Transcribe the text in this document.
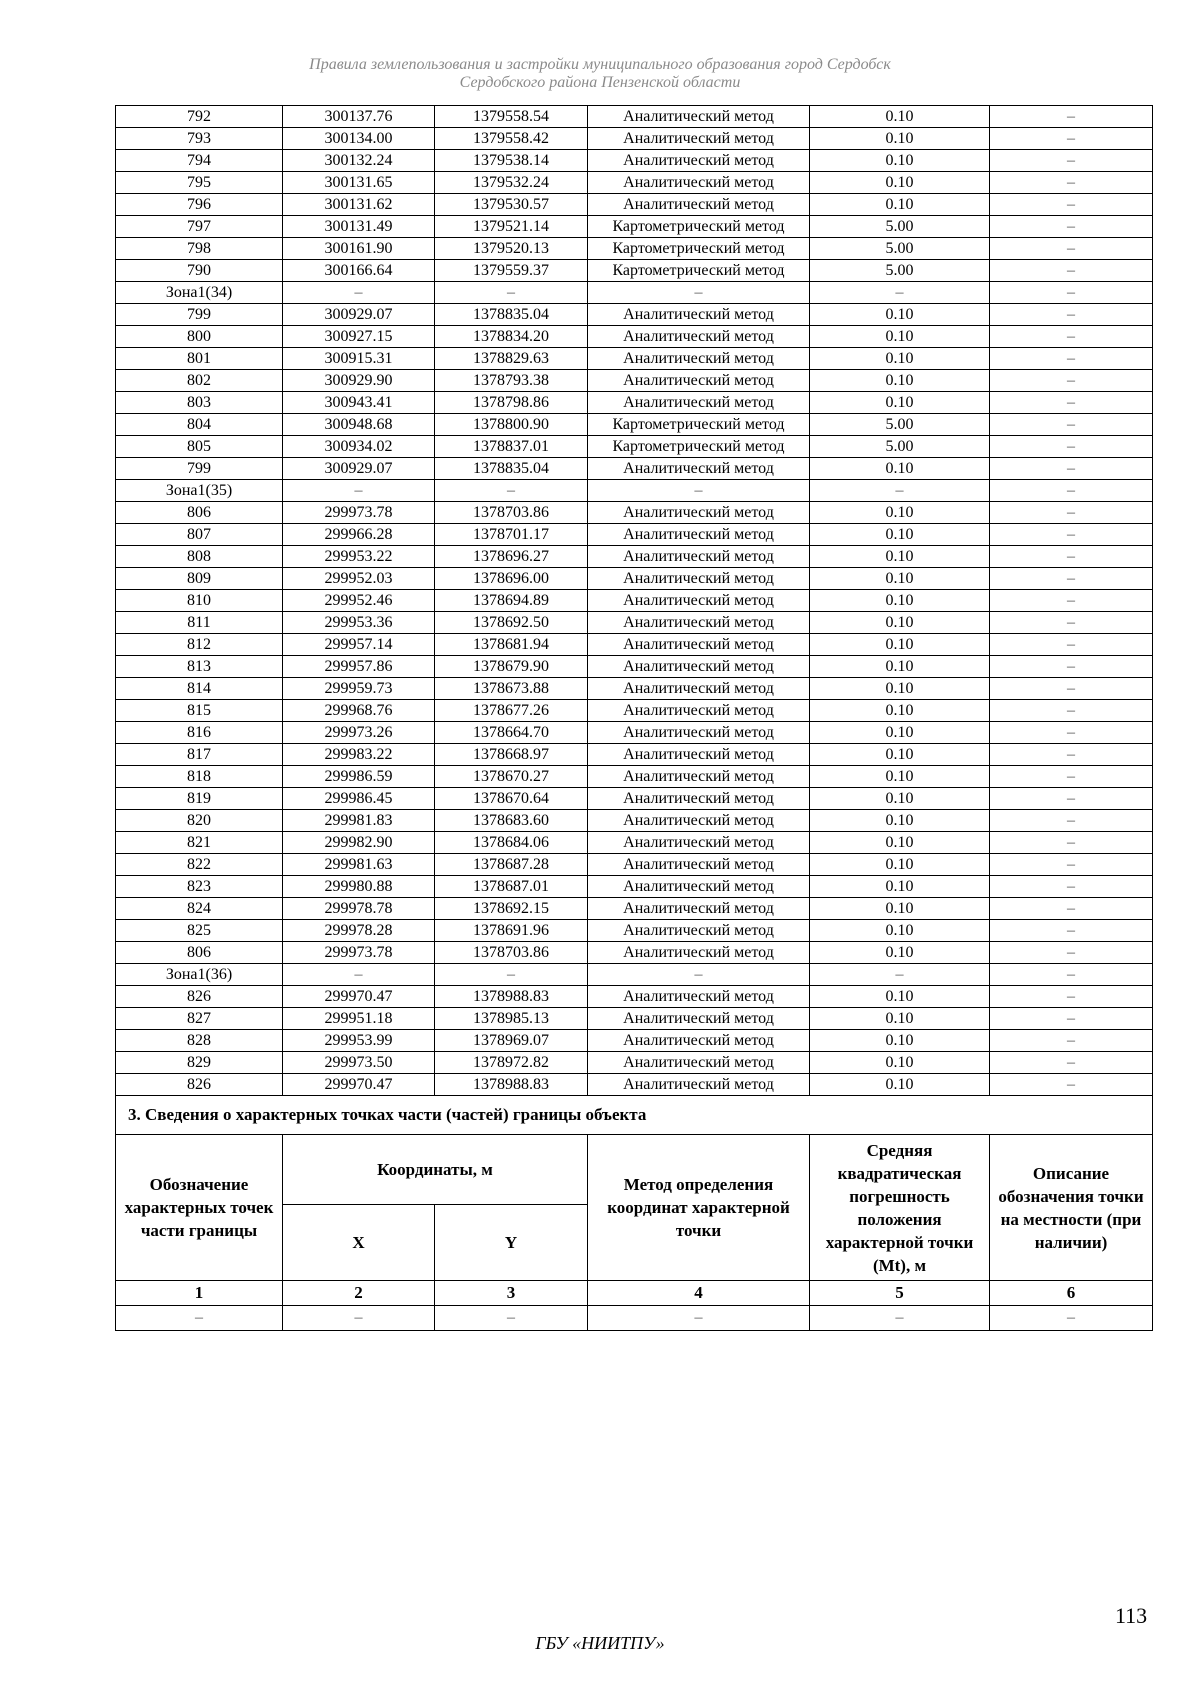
Правила землепользования и застройки муниципального образования город Сердобск
Сердобского района Пензенской области
792	300137.76	1379558.54	Аналитический метод	0.10	–
793	300134.00	1379558.42	Аналитический метод	0.10	–
794	300132.24	1379538.14	Аналитический метод	0.10	–
795	300131.65	1379532.24	Аналитический метод	0.10	–
796	300131.62	1379530.57	Аналитический метод	0.10	–
797	300131.49	1379521.14	Картометрический метод	5.00	–
798	300161.90	1379520.13	Картометрический метод	5.00	–
790	300166.64	1379559.37	Картометрический метод	5.00	–
Зона1(34)	–	–	–	–	–
799	300929.07	1378835.04	Аналитический метод	0.10	–
800	300927.15	1378834.20	Аналитический метод	0.10	–
801	300915.31	1378829.63	Аналитический метод	0.10	–
802	300929.90	1378793.38	Аналитический метод	0.10	–
803	300943.41	1378798.86	Аналитический метод	0.10	–
804	300948.68	1378800.90	Картометрический метод	5.00	–
805	300934.02	1378837.01	Картометрический метод	5.00	–
799	300929.07	1378835.04	Аналитический метод	0.10	–
Зона1(35)	–	–	–	–	–
806	299973.78	1378703.86	Аналитический метод	0.10	–
807	299966.28	1378701.17	Аналитический метод	0.10	–
808	299953.22	1378696.27	Аналитический метод	0.10	–
809	299952.03	1378696.00	Аналитический метод	0.10	–
810	299952.46	1378694.89	Аналитический метод	0.10	–
811	299953.36	1378692.50	Аналитический метод	0.10	–
812	299957.14	1378681.94	Аналитический метод	0.10	–
813	299957.86	1378679.90	Аналитический метод	0.10	–
814	299959.73	1378673.88	Аналитический метод	0.10	–
815	299968.76	1378677.26	Аналитический метод	0.10	–
816	299973.26	1378664.70	Аналитический метод	0.10	–
817	299983.22	1378668.97	Аналитический метод	0.10	–
818	299986.59	1378670.27	Аналитический метод	0.10	–
819	299986.45	1378670.64	Аналитический метод	0.10	–
820	299981.83	1378683.60	Аналитический метод	0.10	–
821	299982.90	1378684.06	Аналитический метод	0.10	–
822	299981.63	1378687.28	Аналитический метод	0.10	–
823	299980.88	1378687.01	Аналитический метод	0.10	–
824	299978.78	1378692.15	Аналитический метод	0.10	–
825	299978.28	1378691.96	Аналитический метод	0.10	–
806	299973.78	1378703.86	Аналитический метод	0.10	–
Зона1(36)	–	–	–	–	–
826	299970.47	1378988.83	Аналитический метод	0.10	–
827	299951.18	1378985.13	Аналитический метод	0.10	–
828	299953.99	1378969.07	Аналитический метод	0.10	–
829	299973.50	1378972.82	Аналитический метод	0.10	–
826	299970.47	1378988.83	Аналитический метод	0.10	–
3. Сведения о характерных точках части (частей) границы объекта					
Обозначение характерных точек части границы	Координаты, м		Метод определения координат характерной точки	Средняя квадратическая погрешность положения характерной точки (Mt), м	Описание обозначения точки на местности (при наличии)
	X	Y			
1	2	3	4	5	6
–	–	–	–	–	–
113
ГБУ «НИИТПУ»
